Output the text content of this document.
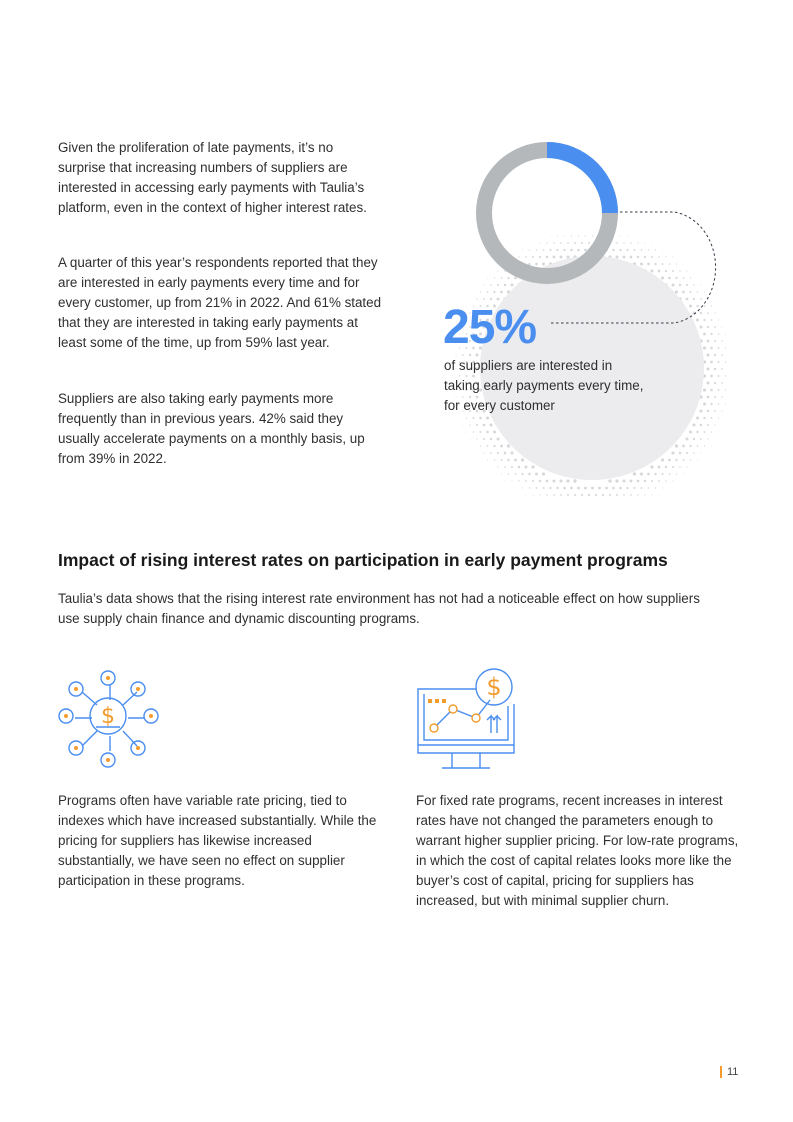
Given the proliferation of late payments, it’s no surprise that increasing numbers of suppliers are interested in accessing early payments with Taulia’s platform, even in the context of higher interest rates.

A quarter of this year’s respondents reported that they are interested in early payments every time and for every customer, up from 21% in 2022. And 61% stated that they are interested in taking early payments at least some of the time, up from 59% last year.

Suppliers are also taking early payments more frequently than in previous years. 42% said they usually accelerate payments on a monthly basis, up from 39% in 2022.

25%

of suppliers are interested in taking early payments every time, for every customer

Impact of rising interest rates on participation in early payment programs

Taulia’s data shows that the rising interest rate environment has not had a noticeable effect on how suppliers use supply chain finance and dynamic discounting programs.

$
$

Programs often have variable rate pricing, tied to indexes which have increased substantially. While the pricing for suppliers has likewise increased substantially, we have seen no effect on supplier participation in these programs.

For fixed rate programs, recent increases in interest rates have not changed the parameters enough to warrant higher supplier pricing. For low-rate programs, in which the cost of capital relates looks more like the buyer’s cost of capital, pricing for suppliers has increased, but with minimal supplier churn.

11
